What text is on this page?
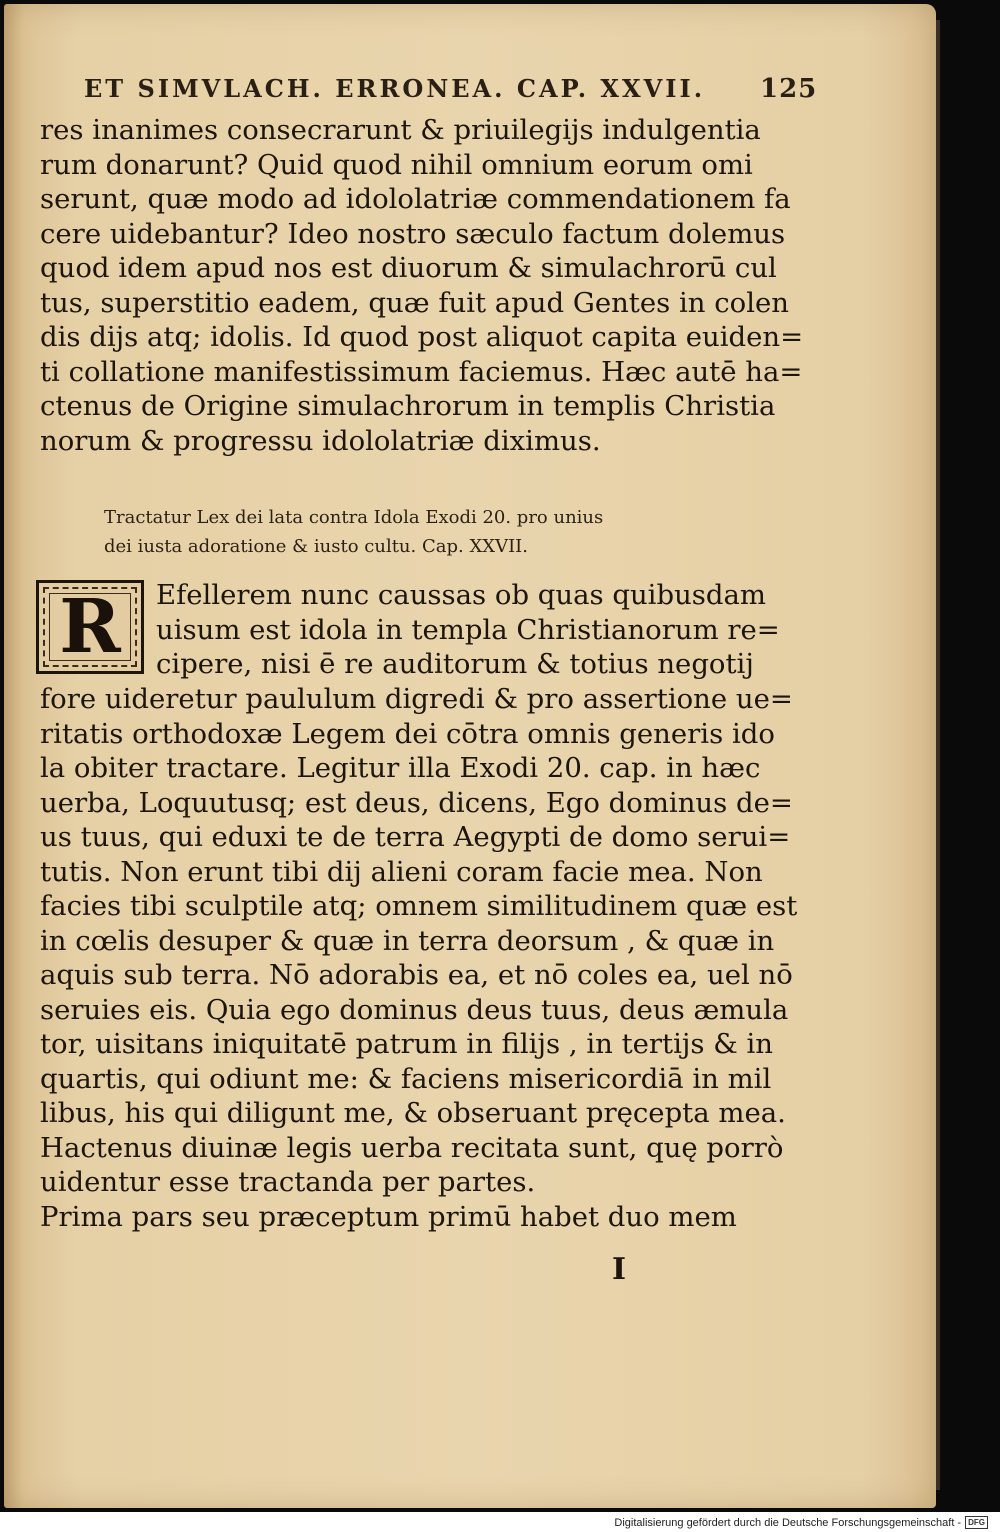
ET SIMVLACH. ERRONEA. CAP. XXVII. 125
res inanimes consecrarunt & priuilegijs indulgentia
rum donarunt? Quid quod nihil omnium eorum omi
serunt, quæ modo ad idololatriæ commendationem fa
cere uidebantur? Ideo nostro sæculo factum dolemus
quod idem apud nos est diuorum & simulachrorū cul
tus, superstitio eadem, quæ fuit apud Gentes in colen
dis dijs atq; idolis. Id quod post aliquot capita euiden=
ti collatione manifestissimum faciemus. Hæc autē ha=
ctenus de Origine simulachrorum in templis Christia
norum & progressu idololatriæ diximus.
Tractatur Lex dei lata contra Idola Exodi 20. pro unius
dei iusta adoratione & iusto cultu. Cap. XXVII.
R Efellerem nunc caussas ob quas quibusdam
uisum est idola in templa Christianorum re=
cipere, nisi ē re auditorum & totius negotij
fore uideretur paululum digredi & pro assertione ue=
ritatis orthodoxæ Legem dei cōtra omnis generis ido
la obiter tractare. Legitur illa Exodi 20. cap. in hæc
uerba, Loquutusq; est deus, dicens, Ego dominus de=
us tuus, qui eduxi te de terra Aegypti de domo serui=
tutis. Non erunt tibi dij alieni coram facie mea. Non
facies tibi sculptile atq; omnem similitudinem quæ est
in cœlis desuper & quæ in terra deorsum , & quæ in
aquis sub terra. Nō adorabis ea, et nō coles ea, uel nō
seruies eis. Quia ego dominus deus tuus, deus æmula
tor, uisitans iniquitatē patrum in filijs , in tertijs & in
quartis, qui odiunt me: & faciens misericordiā in mil
libus, his qui diligunt me, & obseruant pręcepta mea.
Hactenus diuinæ legis uerba recitata sunt, quę porrò
uidentur esse tractanda per partes.
Prima pars seu præceptum primū habet duo mem
I
Digitalisierung gefördert durch die Deutsche Forschungsgemeinschaft - DFG
